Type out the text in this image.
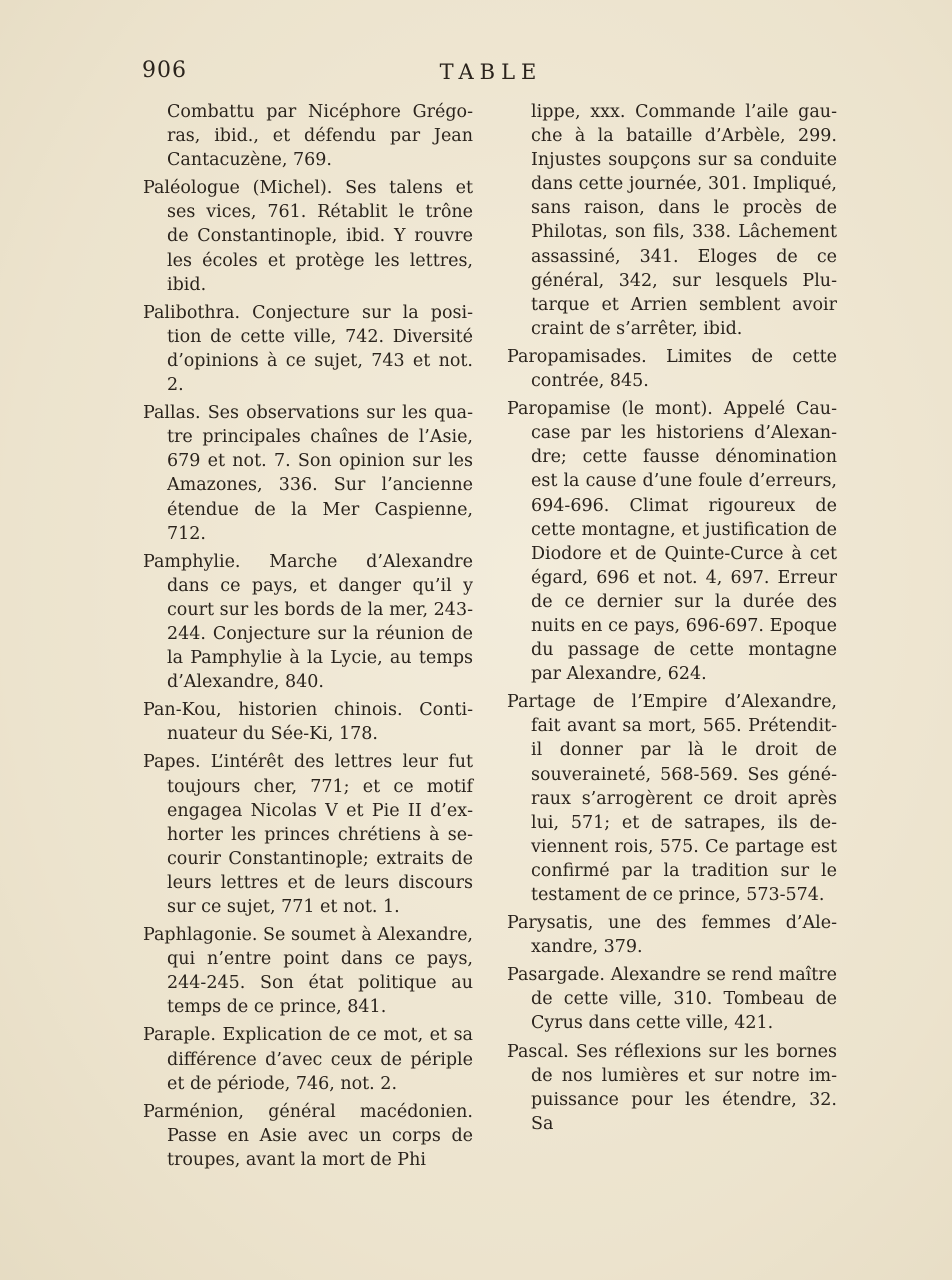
906	TABLE

Combattu par Nicéphore Grégoras, ibid., et défendu par Jean Cantacuzène, 769.

Paléologue (Michel). Ses talens et ses vices, 761. Rétablit le trône de Constantinople, ibid. Y rouvre les écoles et protège les lettres, ibid.

Palibothra. Conjecture sur la position de cette ville, 742. Diversité d’opinions à ce sujet, 743 et not. 2.

Pallas. Ses observations sur les quatre principales chaînes de l’Asie, 679 et not. 7. Son opinion sur les Amazones, 336. Sur l’ancienne étendue de la Mer Caspienne, 712.

Pamphylie. Marche d’Alexandre dans ce pays, et danger qu’il y court sur les bords de la mer, 243-244. Conjecture sur la réunion de la Pamphylie à la Lycie, au temps d’Alexandre, 840.

Pan-Kou, historien chinois. Continuateur du Sée-Ki, 178.

Papes. L’intérêt des lettres leur fut toujours cher, 771; et ce motif engagea Nicolas V et Pie II d’exhorter les princes chrétiens à secourir Constantinople; extraits de leurs lettres et de leurs discours sur ce sujet, 771 et not. 1.

Paphlagonie. Se soumet à Alexandre, qui n’entre point dans ce pays, 244-245. Son état politique au temps de ce prince, 841.

Paraple. Explication de ce mot, et sa différence d’avec ceux de périple et de période, 746, not. 2.

Parménion, général macédonien. Passe en Asie avec un corps de troupes, avant la mort de Phi

lippe, xxx. Commande l’aile gauche à la bataille d’Arbèle, 299. Injustes soupçons sur sa conduite dans cette journée, 301. Impliqué, sans raison, dans le procès de Philotas, son fils, 338. Lâchement assassiné, 341. Eloges de ce général, 342, sur lesquels Plutarque et Arrien semblent avoir craint de s’arrêter, ibid.

Paropamisades. Limites de cette contrée, 845.

Paropamise (le mont). Appelé Caucase par les historiens d’Alexandre; cette fausse dénomination est la cause d’une foule d’erreurs, 694-696. Climat rigoureux de cette montagne, et justification de Diodore et de Quinte-Curce à cet égard, 696 et not. 4, 697. Erreur de ce dernier sur la durée des nuits en ce pays, 696-697. Epoque du passage de cette montagne par Alexandre, 624.

Partage de l’Empire d’Alexandre, fait avant sa mort, 565. Prétendit-il donner par là le droit de souveraineté, 568-569. Ses généraux s’arrogèrent ce droit après lui, 571; et de satrapes, ils deviennent rois, 575. Ce partage est confirmé par la tradition sur le testament de ce prince, 573-574.

Parysatis, une des femmes d’Alexandre, 379.

Pasargade. Alexandre se rend maître de cette ville, 310. Tombeau de Cyrus dans cette ville, 421.

Pascal. Ses réflexions sur les bornes de nos lumières et sur notre impuissance pour les étendre, 32. Sa
